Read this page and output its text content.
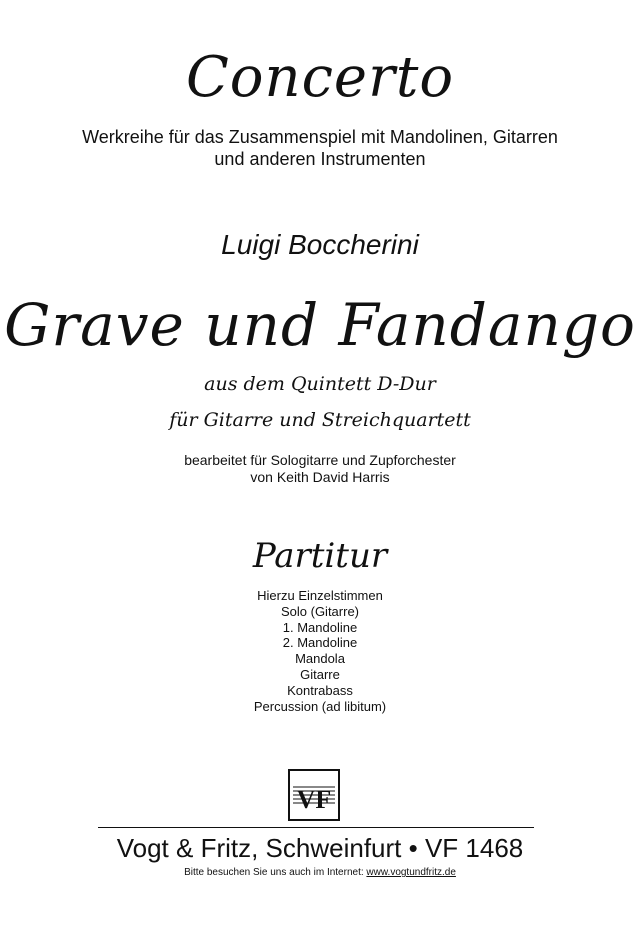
Concerto
Werkreihe für das Zusammenspiel mit Mandolinen, Gitarren
und anderen Instrumenten
Luigi Boccherini
Grave und Fandango
aus dem Quintett D-Dur
für Gitarre und Streichquartett
bearbeitet für Sologitarre und Zupforchester
von Keith David Harris
Partitur
Hierzu Einzelstimmen
Solo (Gitarre)
1. Mandoline
2. Mandoline
Mandola
Gitarre
Kontrabass
Percussion (ad libitum)
VF
Vogt & Fritz, Schweinfurt • VF 1468
Bitte besuchen Sie uns auch im Internet: www.vogtundfritz.de
